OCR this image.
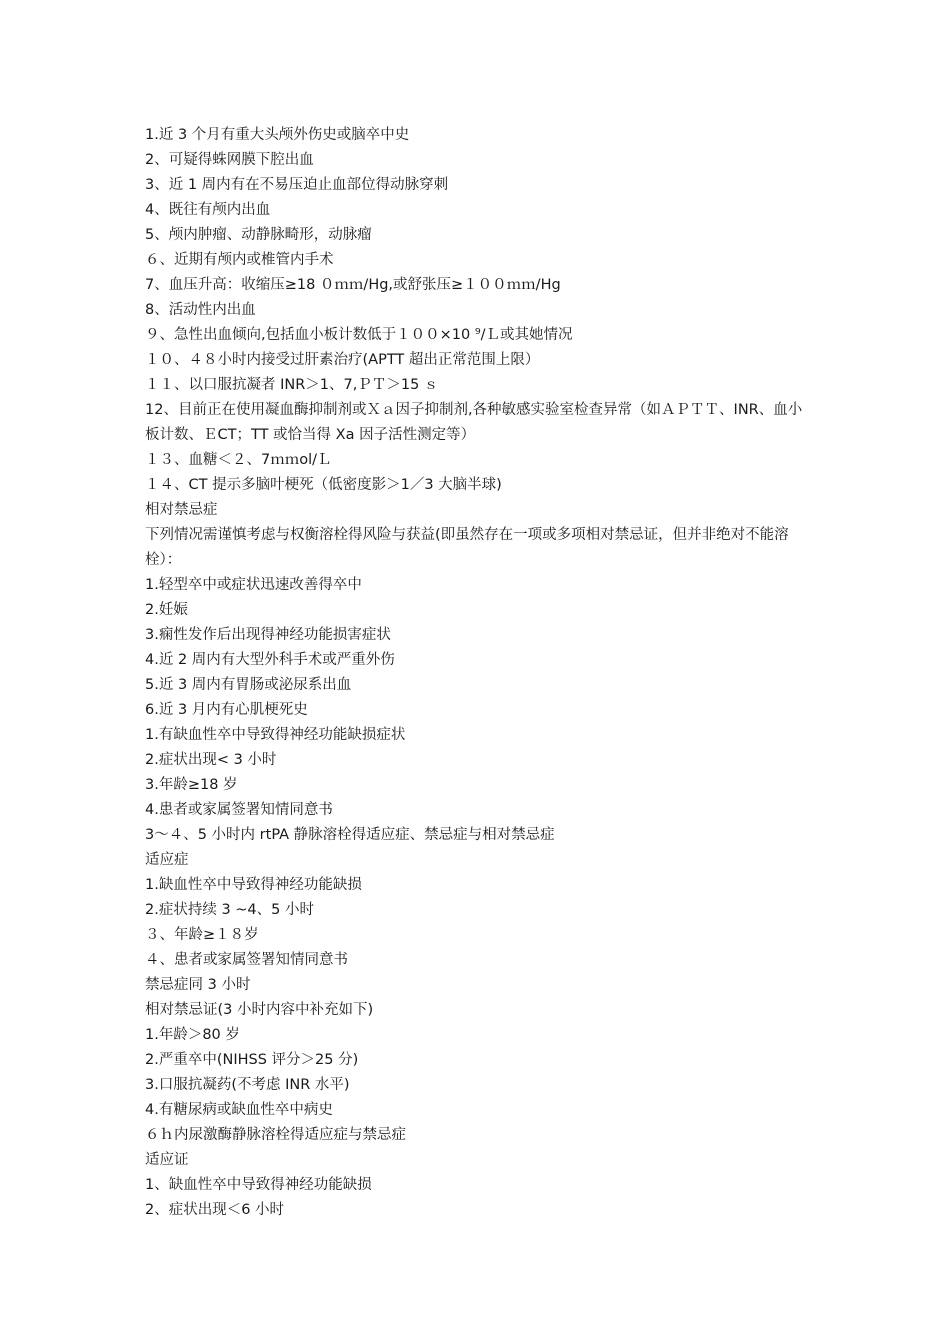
1.近 3 个月有重大头颅外伤史或脑卒中史
2、可疑得蛛网膜下腔出血
3、近 1 周内有在不易压迫止血部位得动脉穿刺
4、既往有颅内出血
5、颅内肿瘤、动静脉畸形，动脉瘤
６、近期有颅内或椎管内手术
7、血压升高：收缩压≥18 ０ｍｍ/Hg,或舒张压≥１００ｍｍ/Hg
8、活动性内出血
９、急性出血倾向,包括血小板计数低于１００×10 ⁹/Ｌ或其她情况
１０、４８小时内接受过肝素治疗(APTT 超出正常范围上限）
１１、以口服抗凝者 INR＞1、7,ＰＴ＞15 ｓ
12、目前正在使用凝血酶抑制剂或Ｘａ因子抑制剂,各种敏感实验室检查异常（如ＡＰＴＴ、INR、血小板计数、ＥCT；TT 或恰当得 Xa 因子活性测定等）
１３、血糖＜２、7ｍｍol/Ｌ
１４、CT 提示多脑叶梗死（低密度影＞1／3 大脑半球)
相对禁忌症
下列情况需谨慎考虑与权衡溶栓得风险与获益(即虽然存在一项或多项相对禁忌证，但并非绝对不能溶栓）：
1.轻型卒中或症状迅速改善得卒中
2.妊娠
3.痫性发作后出现得神经功能损害症状
4.近 2 周内有大型外科手术或严重外伤
5.近 3 周内有胃肠或泌尿系出血
6.近 3 月内有心肌梗死史
1.有缺血性卒中导致得神经功能缺损症状
2.症状出现< 3 小时
3.年龄≥18 岁
4.患者或家属签署知情同意书
3～４、5 小时内 rtPA 静脉溶栓得适应症、禁忌症与相对禁忌症
适应症
1.缺血性卒中导致得神经功能缺损
2.症状持续 3 ~4、5 小时
３、年龄≥１８岁
４、患者或家属签署知情同意书
禁忌症同 3 小时
相对禁忌证(3 小时内容中补充如下)
1.年龄＞80 岁
2.严重卒中(NIHSS 评分＞25 分)
3.口服抗凝药(不考虑 INR 水平)
4.有糖尿病或缺血性卒中病史
６ｈ内尿激酶静脉溶栓得适应症与禁忌症
适应证
1、缺血性卒中导致得神经功能缺损
2、症状出现＜6 小时
